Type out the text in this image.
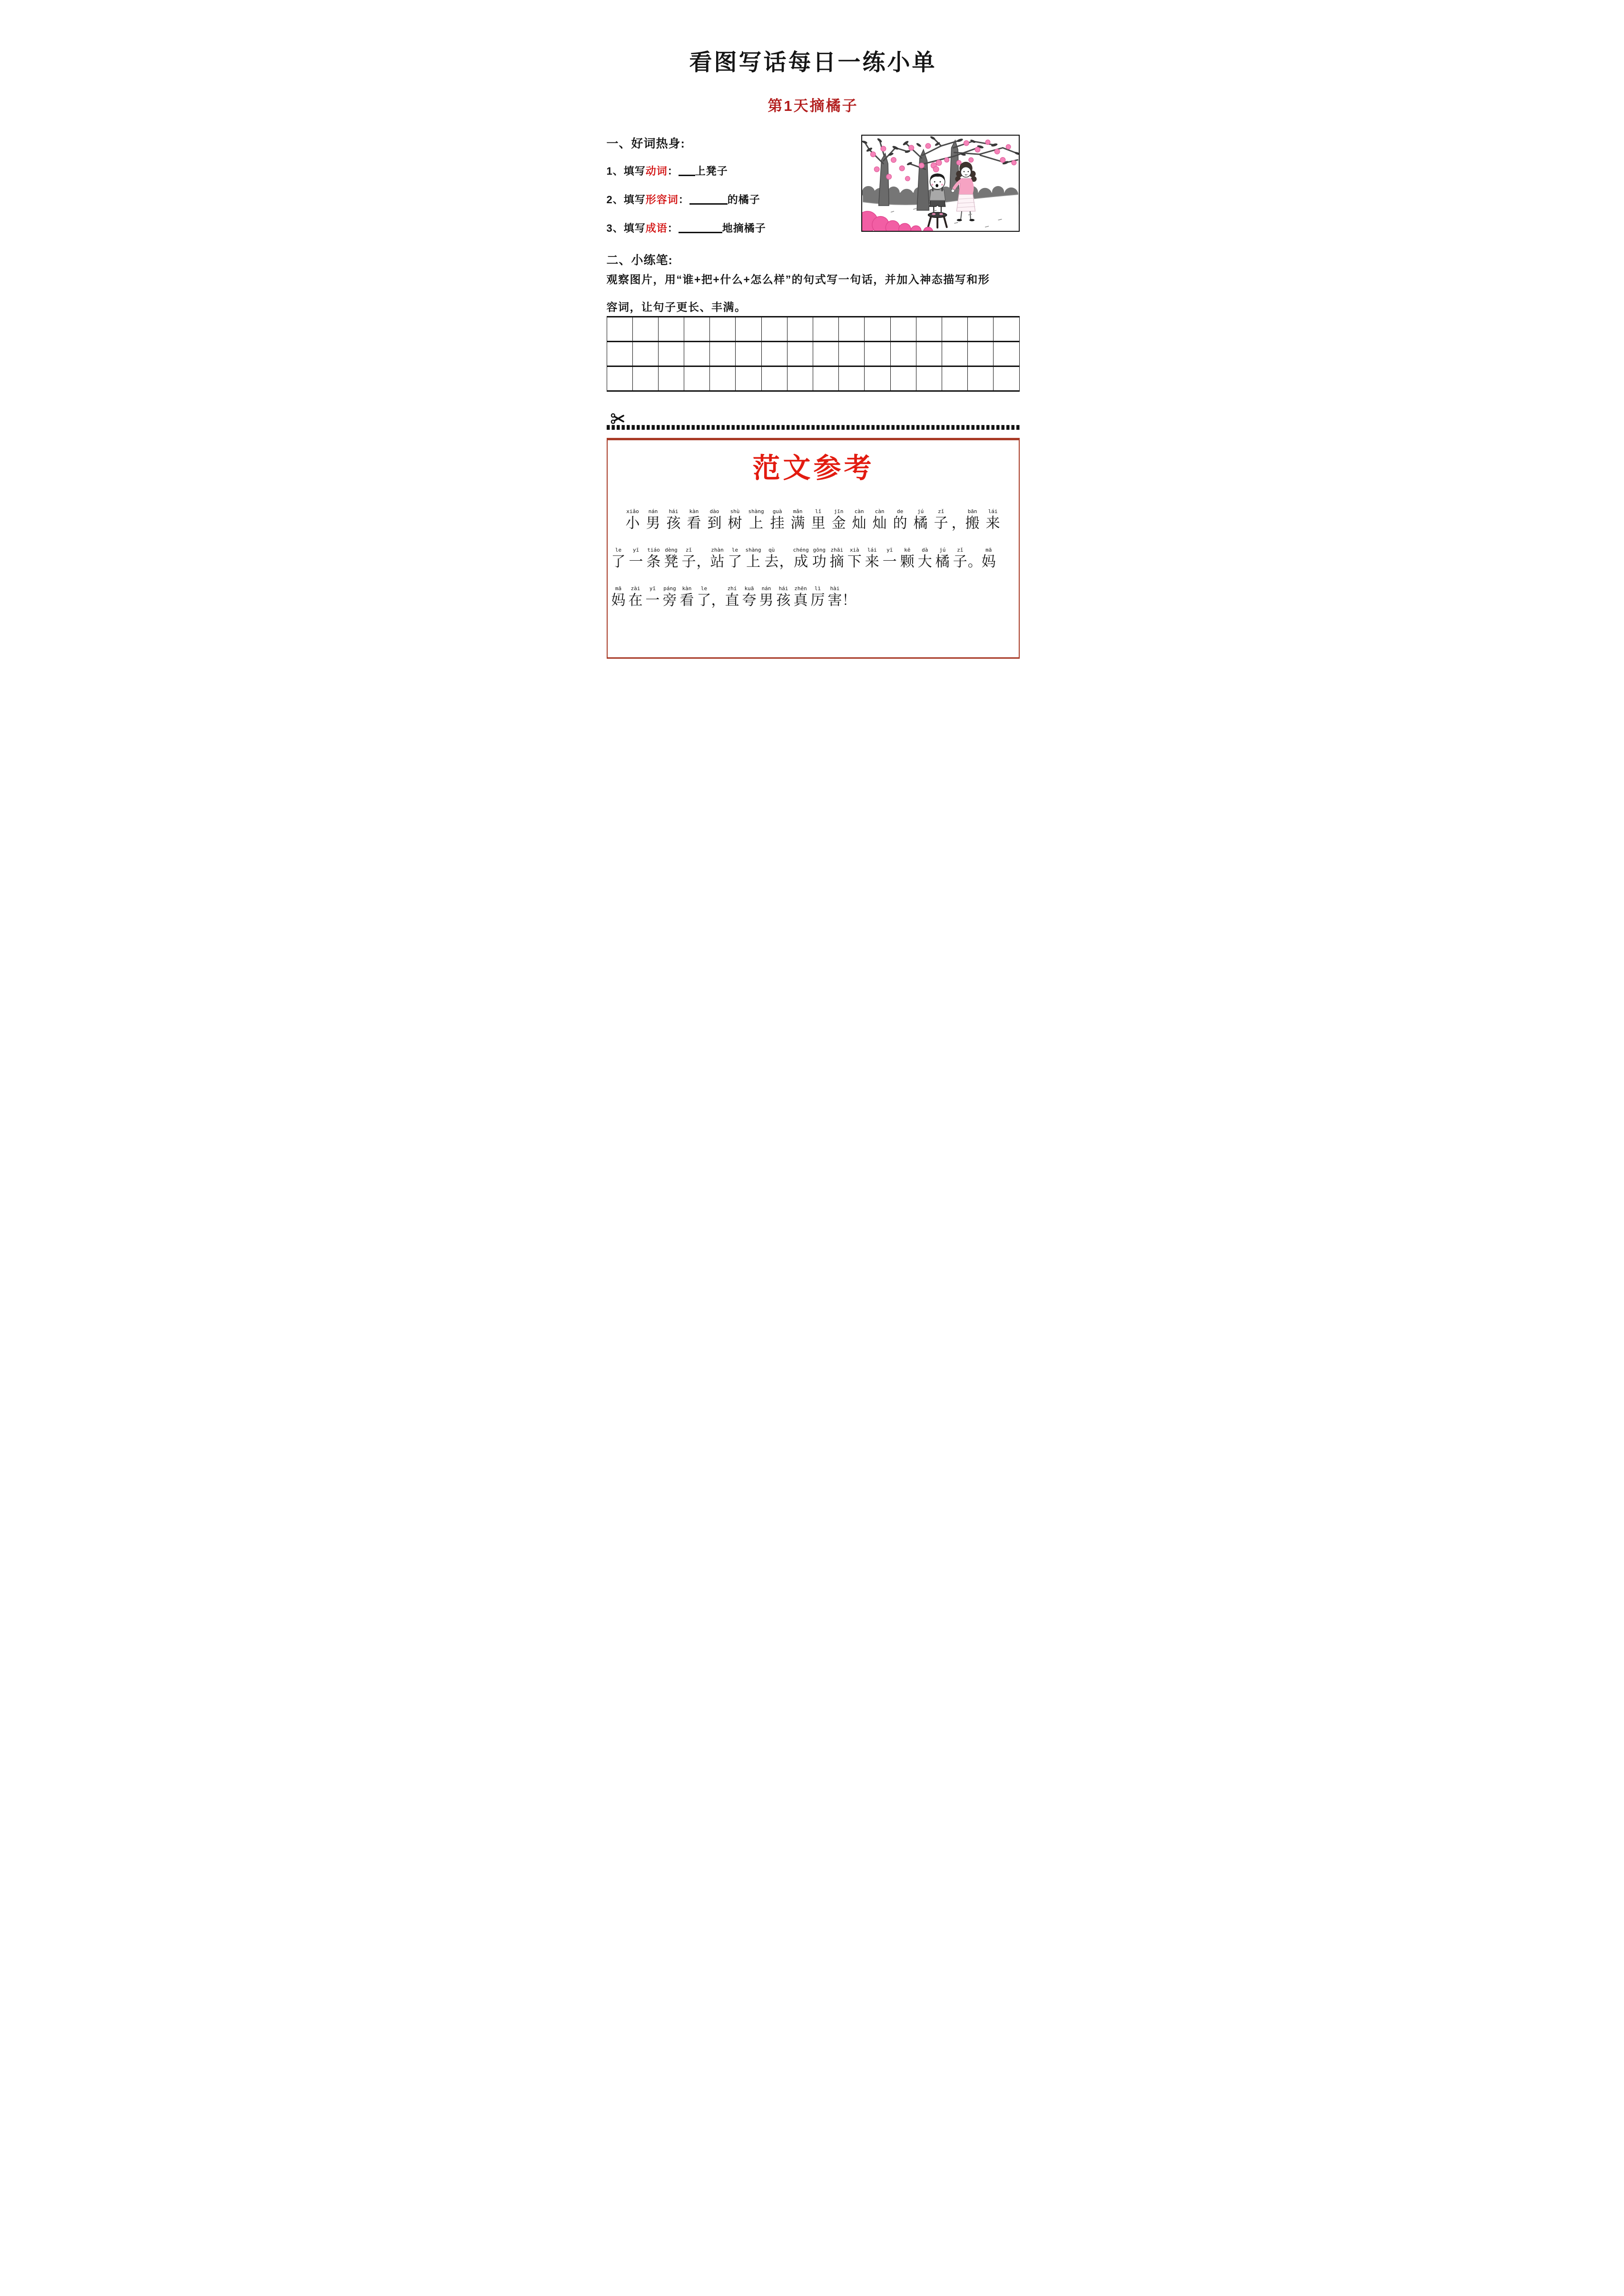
看图写话每日一练小单
第1天摘橘子
一、好词热身:
1、填写动词： 上凳子
2、填写形容词：	的橘子
3、填写成语：	地摘橘子
二、小练笔:
观察图片，用“谁+把+什么+怎么样”的句式写一句话，并加入神态描写和形
容词，让句子更长、丰满。
范文参考
xiǎo
小
nán
男
hái
孩
kàn
看
dào
到
shù
树
shàng
上
guà
挂
mǎn
满
lǐ
里
jīn
金
càn
灿
càn
灿
de
的
jú
橘
zǐ
子 ，
bān
搬
lái
来
le
了
yī
一
tiáo
条
dèng
凳
zǐ
子 ，
zhàn
站
le
了
shàng
上
qù
去 ，
chéng
成
gōng
功
zhāi
摘
xià
下
lái
来
yī
一
kē
颗
dà
大
jú
橘
zǐ
子 。
mā
妈
mā
妈
zài
在
yī
一
páng
旁
kàn
看
le
了 ，
zhí
直
kuā
夸
nán
男
hái
孩
zhēn
真
lì
厉
hài
害 ！
